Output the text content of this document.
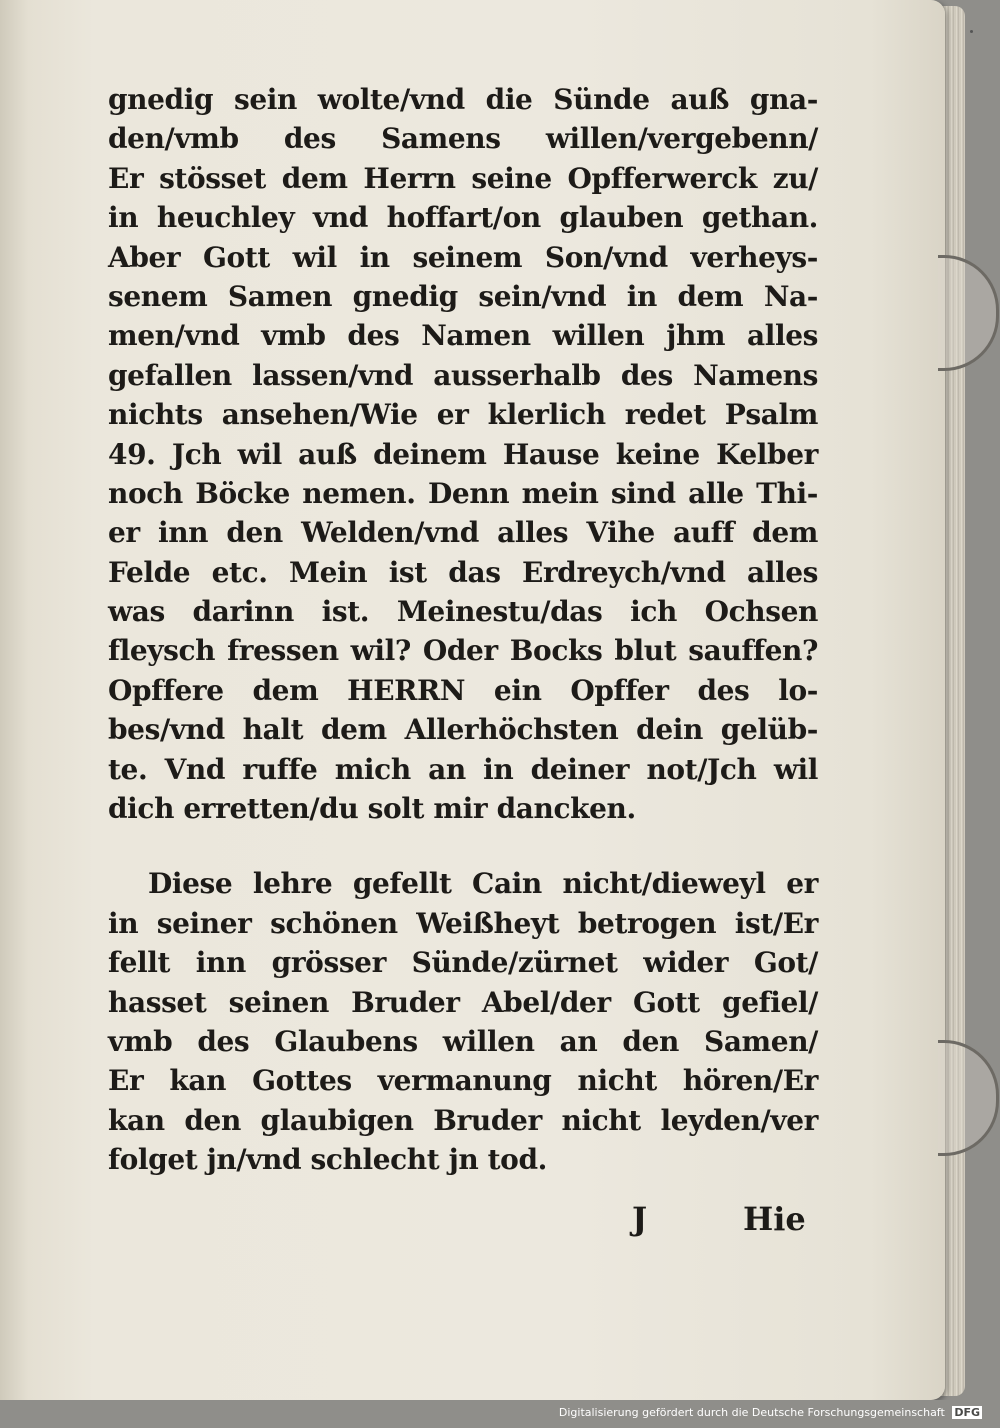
gnedig sein wolte/vnd die Sünde auß gna-
den/vmb des Samens willen/vergebenn/
Er stösset dem Herrn seine Opfferwerck zu/
in heuchley vnd hoffart/on glauben gethan.
Aber Gott wil in seinem Son/vnd verheys-
senem Samen gnedig sein/vnd in dem Na-
men/vnd vmb des Namen willen jhm alles
gefallen lassen/vnd ausserhalb des Namens
nichts ansehen/Wie er klerlich redet Psalm
49. Jch wil auß deinem Hause keine Kelber
noch Böcke nemen. Denn mein sind alle Thi-
er inn den Welden/vnd alles Vihe auff dem
Felde etc. Mein ist das Erdreych/vnd alles
was darinn ist. Meinestu/das ich Ochsen
fleysch fressen wil? Oder Bocks blut sauffen?
Opffere dem HERRN ein Opffer des lo-
bes/vnd halt dem Allerhöchsten dein gelüb-
te. Vnd ruffe mich an in deiner not/Jch wil
dich erretten/du solt mir dancken.
Diese lehre gefellt Cain nicht/dieweyl er
in seiner schönen Weißheyt betrogen ist/Er
fellt inn grösser Sünde/zürnet wider Got/
hasset seinen Bruder Abel/der Gott gefiel/
vmb des Glaubens willen an den Samen/
Er kan Gottes vermanung nicht hören/Er
kan den glaubigen Bruder nicht leyden/ver
folget jn/vnd schlecht jn tod.
J	Hie
Digitalisierung gefördert durch die Deutsche Forschungsgemeinschaft DFG
